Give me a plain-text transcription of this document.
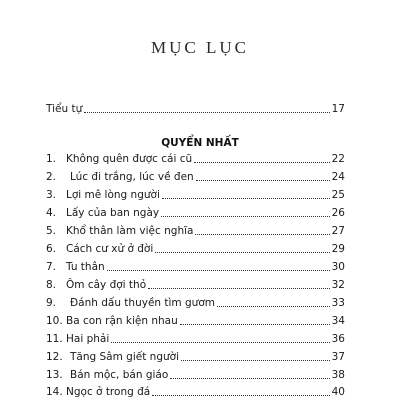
MỤC LỤC
Tiểu tự	17
QUYỂN NHẤT
1. Không quên được cái cũ	22
2.	Lúc đi trắng, lúc về đen	24
3. Lợi mê lòng người	25
4. Lấy của ban ngày	26
5. Khổ thân làm việc nghĩa	27
6. Cách cư xử ở đời	29
7. Tu thân	30
8. Ôm cây đợi thỏ	32
9.	Đánh dấu thuyền tìm gươm	33
10. Ba con rận kiện nhau	34
11. Hai phải	36
12. Tăng Sâm giết người	37
13. Bán mộc, bán giáo	38
14. Ngọc ở trong đá	40
